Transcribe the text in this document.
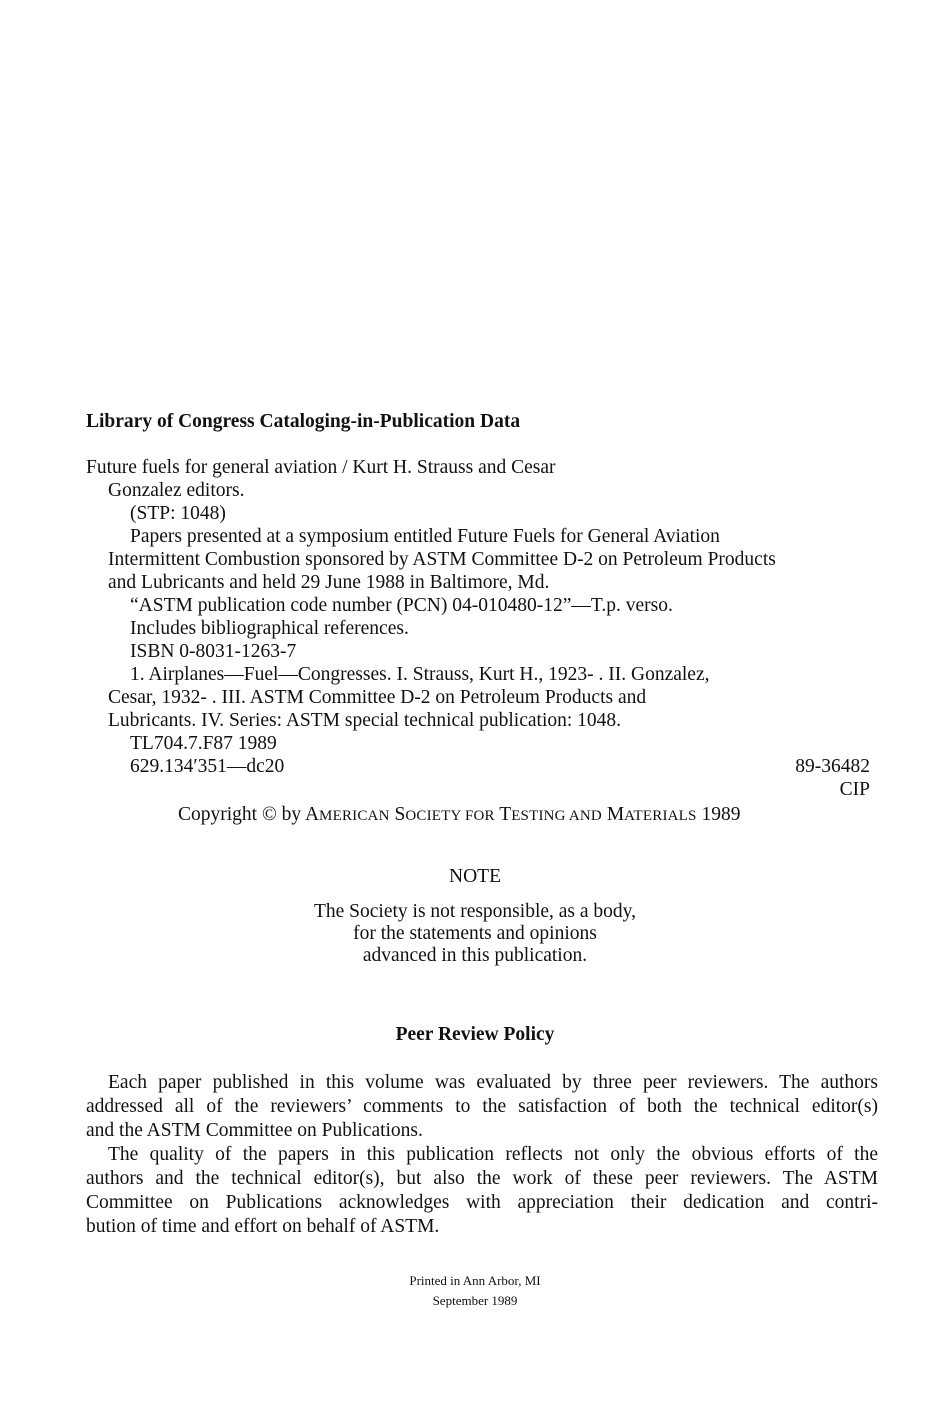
Library of Congress Cataloging-in-Publication Data
Future fuels for general aviation / Kurt H. Strauss and Cesar
Gonzalez editors.
(STP: 1048)
Papers presented at a symposium entitled Future Fuels for General Aviation
Intermittent Combustion sponsored by ASTM Committee D-2 on Petroleum Products
and Lubricants and held 29 June 1988 in Baltimore, Md.
“ASTM publication code number (PCN) 04-010480-12”—T.p. verso.
Includes bibliographical references.
ISBN 0-8031-1263-7
1. Airplanes—Fuel—Congresses. I. Strauss, Kurt H., 1923- . II. Gonzalez,
Cesar, 1932- . III. ASTM Committee D-2 on Petroleum Products and
Lubricants. IV. Series: ASTM special technical publication: 1048.
TL704.7.F87 1989
629.134′351—dc20	89-36482
CIP
Copyright © by AMERICAN SOCIETY FOR TESTING AND MATERIALS 1989
NOTE
The Society is not responsible, as a body,
for the statements and opinions
advanced in this publication.
Peer Review Policy
Each paper published in this volume was evaluated by three peer reviewers. The authors
addressed all of the reviewers’ comments to the satisfaction of both the technical editor(s)
and the ASTM Committee on Publications.
The quality of the papers in this publication reflects not only the obvious efforts of the
authors and the technical editor(s), but also the work of these peer reviewers. The ASTM
Committee on Publications acknowledges with appreciation their dedication and contri-
bution of time and effort on behalf of ASTM.
Printed in Ann Arbor, MI
September 1989
